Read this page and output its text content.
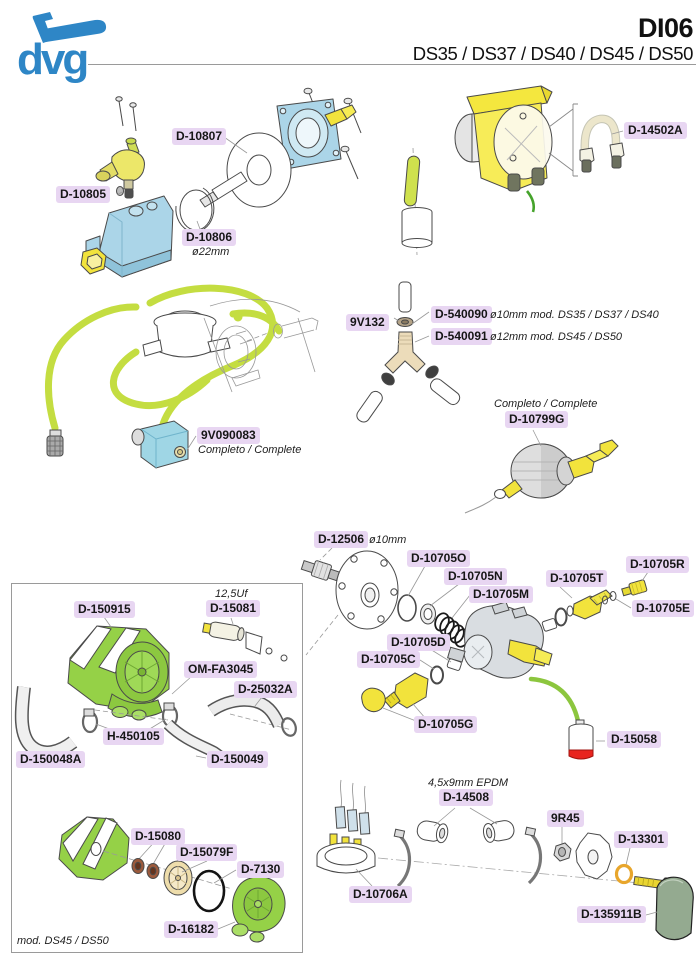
dvg
DI06
DS35 / DS37 / DS40 / DS45 / DS50
D-10807
D-10805
D-10806
D-14502A
9V132
D-540090
D-540091
9V090083
D-10799G
D-12506
D-10705O
D-10705N
D-10705M
D-10705T
D-10705R
D-10705E
D-10705D
D-10705C
D-10705G
D-15058
D-150915	D-15081
OM-FA3045
D-25032A
H-450105
D-150048A	D-150049
D-15080
D-15079F
D-7130
D-16182
D-14508
9R45
D-13301
D-10706A
D-135911B
ø22mm
ø10mm mod. DS35 / DS37 / DS40
ø12mm mod. DS45 / DS50
Completo / Complete
Completo / Complete
ø10mm
12,5Uf
4,5x9mm EPDM
mod. DS45 / DS50
